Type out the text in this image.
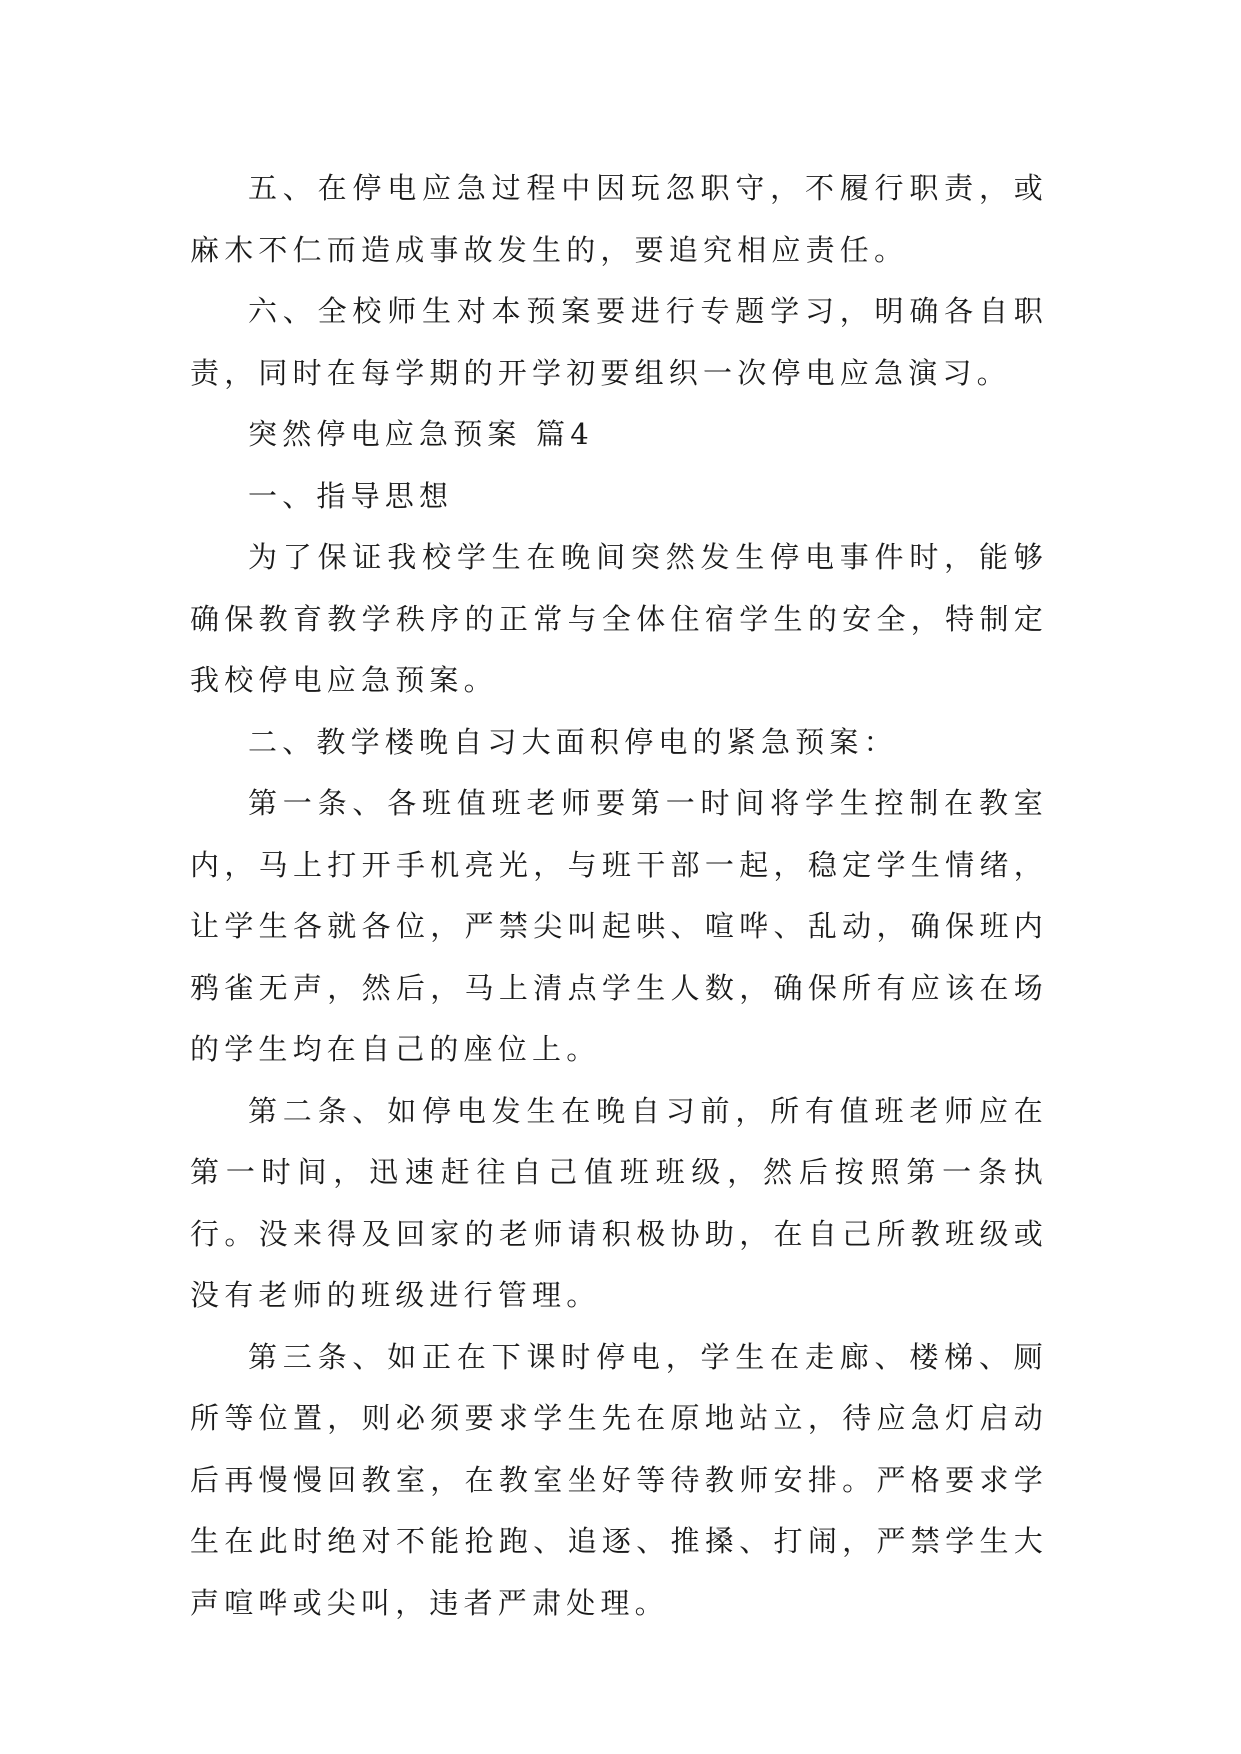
五、在停电应急过程中因玩忽职守，不履行职责，或麻木不仁而造成事故发生的，要追究相应责任。

六、全校师生对本预案要进行专题学习，明确各自职责，同时在每学期的开学初要组织一次停电应急演习。

突然停电应急预案 篇4

一、指导思想

为了保证我校学生在晚间突然发生停电事件时，能够确保教育教学秩序的正常与全体住宿学生的安全，特制定我校停电应急预案。

二、教学楼晚自习大面积停电的紧急预案：

第一条、各班值班老师要第一时间将学生控制在教室内，马上打开手机亮光，与班干部一起，稳定学生情绪，让学生各就各位，严禁尖叫起哄、喧哗、乱动，确保班内鸦雀无声，然后，马上清点学生人数，确保所有应该在场的学生均在自己的座位上。

第二条、如停电发生在晚自习前，所有值班老师应在第一时间，迅速赶往自己值班班级，然后按照第一条执行。没来得及回家的老师请积极协助，在自己所教班级或没有老师的班级进行管理。

第三条、如正在下课时停电，学生在走廊、楼梯、厕所等位置，则必须要求学生先在原地站立，待应急灯启动后再慢慢回教室，在教室坐好等待教师安排。严格要求学生在此时绝对不能抢跑、追逐、推搡、打闹，严禁学生大声喧哗或尖叫，违者严肃处理。
